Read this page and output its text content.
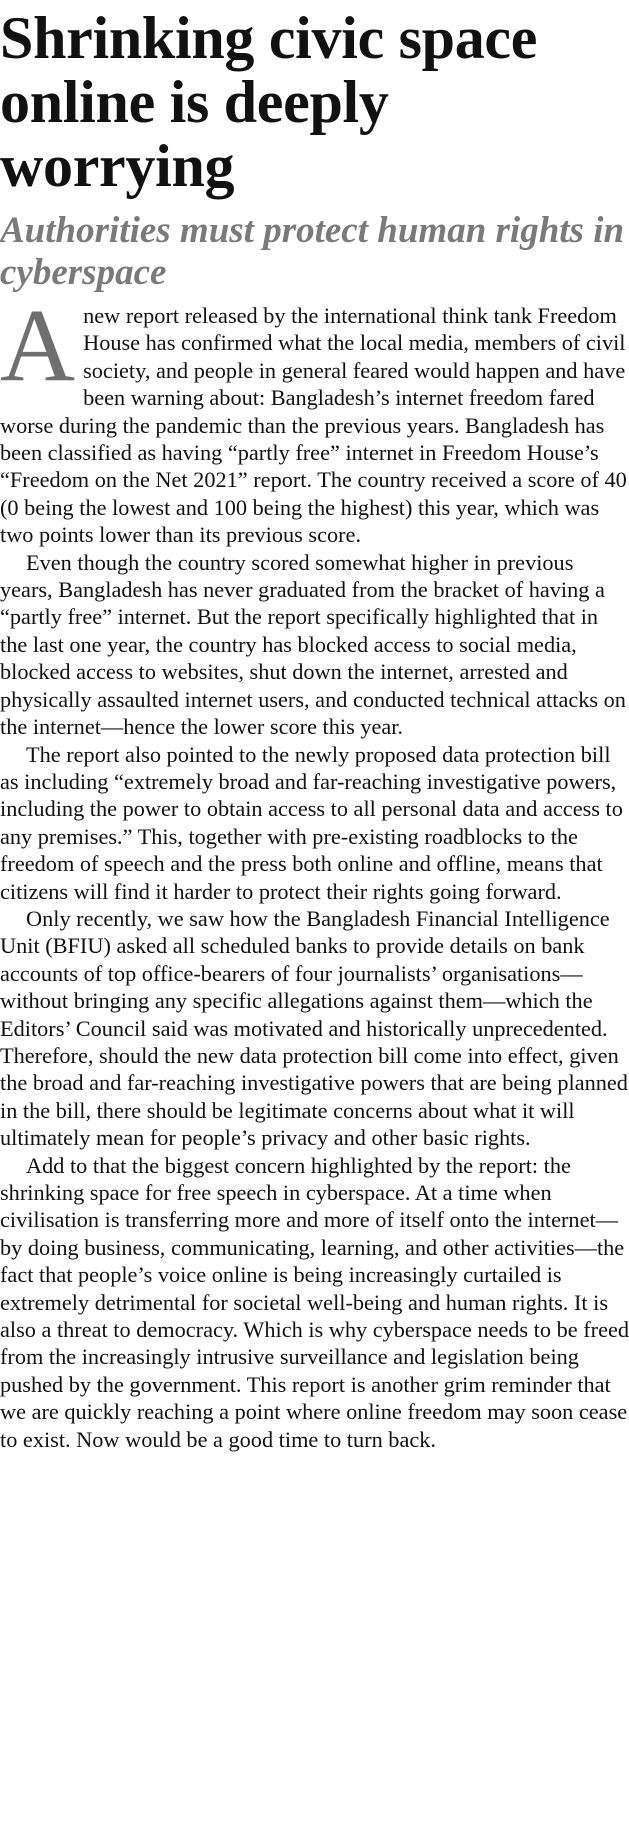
Shrinking civic space online is deeply worrying
Authorities must protect human rights in cyberspace

Anew report released by the international think tank Freedom House has confirmed what the local media, members of civil society, and people in general feared would happen and have been warning about: Bangladesh’s internet freedom fared worse during the pandemic than the previous years. Bangladesh has been classified as having “partly free” internet in Freedom House’s “Freedom on the Net 2021” report. The country received a score of 40 (0 being the lowest and 100 being the highest) this year, which was two points lower than its previous score.

Even though the country scored somewhat higher in previous years, Bangladesh has never graduated from the bracket of having a “partly free” internet. But the report specifically highlighted that in the last one year, the country has blocked access to social media, blocked access to websites, shut down the internet, arrested and physically assaulted internet users, and conducted technical attacks on the internet—hence the lower score this year.

The report also pointed to the newly proposed data protection bill as including “extremely broad and far-reaching investigative powers, including the power to obtain access to all personal data and access to any premises.” This, together with pre-existing roadblocks to the freedom of speech and the press both online and offline, means that citizens will find it harder to protect their rights going forward.

Only recently, we saw how the Bangladesh Financial Intelligence Unit (BFIU) asked all scheduled banks to provide details on bank accounts of top office-bearers of four journalists’ organisations—without bringing any specific allegations against them—which the Editors’ Council said was motivated and historically unprecedented. Therefore, should the new data protection bill come into effect, given the broad and far-reaching investigative powers that are being planned in the bill, there should be legitimate concerns about what it will ultimately mean for people’s privacy and other basic rights.

Add to that the biggest concern highlighted by the report: the shrinking space for free speech in cyberspace. At a time when civilisation is transferring more and more of itself onto the internet—by doing business, communicating, learning, and other activities—the fact that people’s voice online is being increasingly curtailed is extremely detrimental for societal well-being and human rights. It is also a threat to democracy. Which is why cyberspace needs to be freed from the increasingly intrusive surveillance and legislation being pushed by the government. This report is another grim reminder that we are quickly reaching a point where online freedom may soon cease to exist. Now would be a good time to turn back.
